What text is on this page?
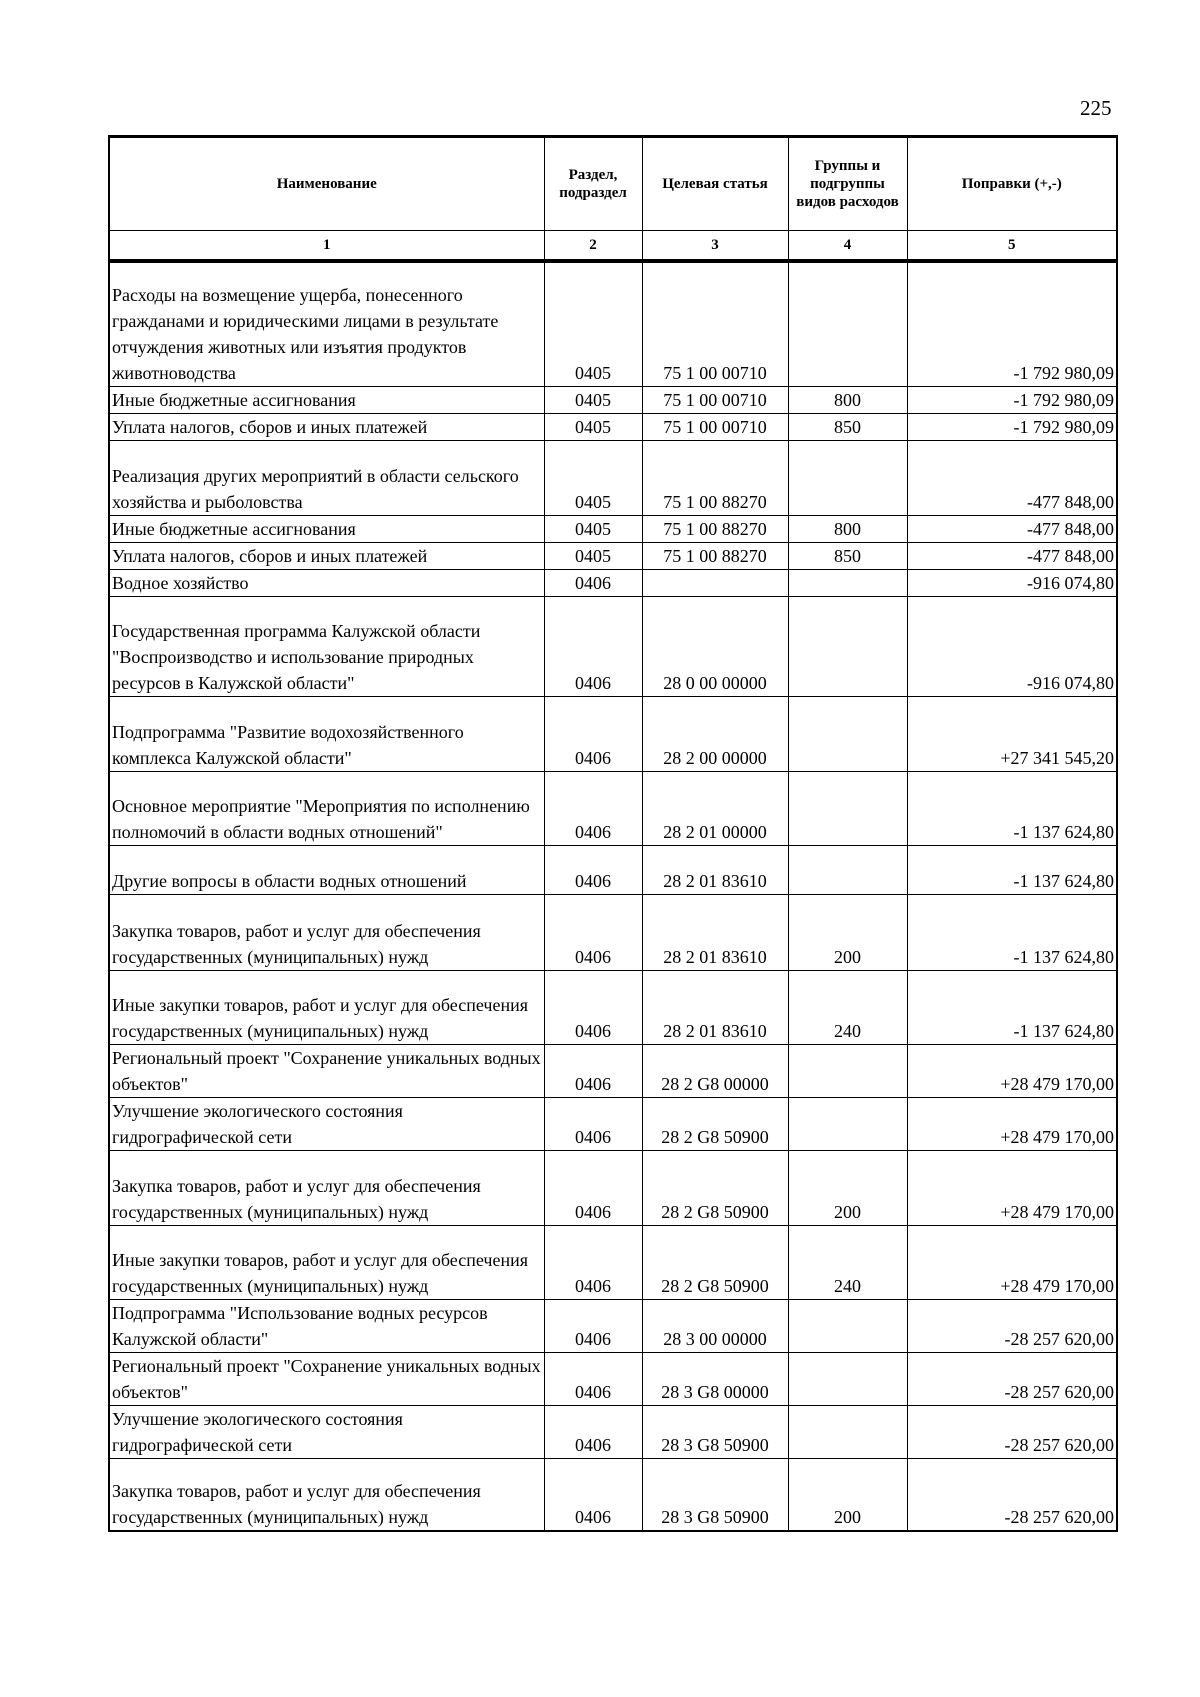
225
Наименование	Раздел, подраздел	Целевая статья	Группы и подгруппы видов расходов	Поправки (+,-)
1	2	3	4	5
Расходы на возмещение ущерба, понесенного гражданами и юридическими лицами в результате отчуждения животных или изъятия продуктов животноводства	0405	75 1 00 00710		-1 792 980,09
Иные бюджетные ассигнования	0405	75 1 00 00710	800	-1 792 980,09
Уплата налогов, сборов и иных платежей	0405	75 1 00 00710	850	-1 792 980,09
Реализация других мероприятий в области сельского хозяйства и рыболовства	0405	75 1 00 88270		-477 848,00
Иные бюджетные ассигнования	0405	75 1 00 88270	800	-477 848,00
Уплата налогов, сборов и иных платежей	0405	75 1 00 88270	850	-477 848,00
Водное хозяйство	0406			-916 074,80
Государственная программа Калужской области "Воспроизводство и использование природных ресурсов в Калужской области"	0406	28 0 00 00000		-916 074,80
Подпрограмма "Развитие водохозяйственного комплекса Калужской области"	0406	28 2 00 00000		+27 341 545,20
Основное мероприятие "Мероприятия по исполнению полномочий в области водных отношений"	0406	28 2 01 00000		-1 137 624,80
Другие вопросы в области водных отношений	0406	28 2 01 83610		-1 137 624,80
Закупка товаров, работ и услуг для обеспечения государственных (муниципальных) нужд	0406	28 2 01 83610	200	-1 137 624,80
Иные закупки товаров, работ и услуг для обеспечения государственных (муниципальных) нужд	0406	28 2 01 83610	240	-1 137 624,80
Региональный проект "Сохранение уникальных водных объектов"	0406	28 2 G8 00000		+28 479 170,00
Улучшение экологического состояния гидрографической сети	0406	28 2 G8 50900		+28 479 170,00
Закупка товаров, работ и услуг для обеспечения государственных (муниципальных) нужд	0406	28 2 G8 50900	200	+28 479 170,00
Иные закупки товаров, работ и услуг для обеспечения государственных (муниципальных) нужд	0406	28 2 G8 50900	240	+28 479 170,00
Подпрограмма "Использование водных ресурсов Калужской области"	0406	28 3 00 00000		-28 257 620,00
Региональный проект "Сохранение уникальных водных объектов"	0406	28 3 G8 00000		-28 257 620,00
Улучшение экологического состояния гидрографической сети	0406	28 3 G8 50900		-28 257 620,00
Закупка товаров, работ и услуг для обеспечения государственных (муниципальных) нужд	0406	28 3 G8 50900	200	-28 257 620,00
